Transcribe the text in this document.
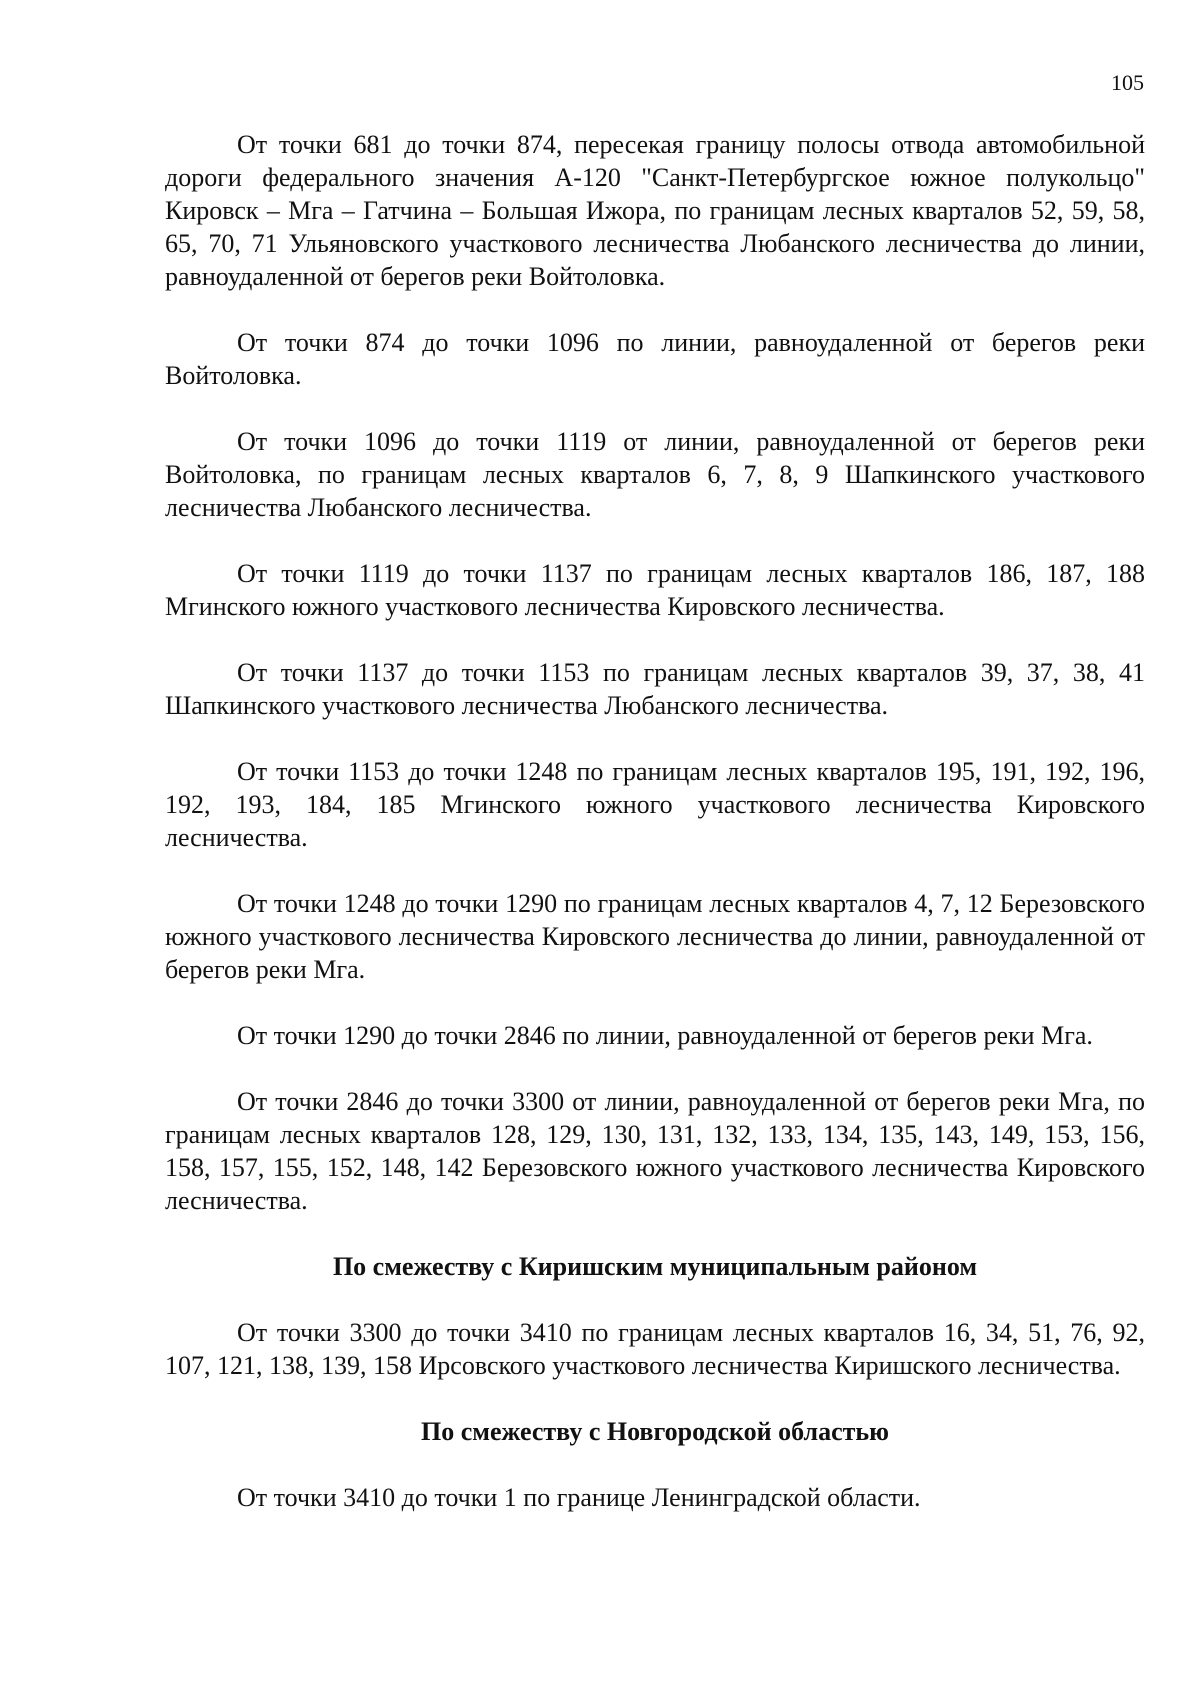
105

От точки 681 до точки 874, пересекая границу полосы отвода автомобильной дороги федерального значения А-120 "Санкт-Петербургское южное полукольцо" Кировск – Мга – Гатчина – Большая Ижора, по границам лесных кварталов 52, 59, 58, 65, 70, 71 Ульяновского участкового лесничества Любанского лесничества до линии, равноудаленной от берегов реки Войтоловка.

От точки 874 до точки 1096 по линии, равноудаленной от берегов реки Войтоловка.

От точки 1096 до точки 1119 от линии, равноудаленной от берегов реки Войтоловка, по границам лесных кварталов 6, 7, 8, 9 Шапкинского участкового лесничества Любанского лесничества.

От точки 1119 до точки 1137 по границам лесных кварталов 186, 187, 188 Мгинского южного участкового лесничества Кировского лесничества.

От точки 1137 до точки 1153 по границам лесных кварталов 39, 37, 38, 41 Шапкинского участкового лесничества Любанского лесничества.

От точки 1153 до точки 1248 по границам лесных кварталов 195, 191, 192, 196, 192, 193, 184, 185 Мгинского южного участкового лесничества Кировского лесничества.

От точки 1248 до точки 1290 по границам лесных кварталов 4, 7, 12 Березовского южного участкового лесничества Кировского лесничества до линии, равноудаленной от берегов реки Мга.

От точки 1290 до точки 2846 по линии, равноудаленной от берегов реки Мга.

От точки 2846 до точки 3300 от линии, равноудаленной от берегов реки Мга, по границам лесных кварталов 128, 129, 130, 131, 132, 133, 134, 135, 143, 149, 153, 156, 158, 157, 155, 152, 148, 142 Березовского южного участкового лесничества Кировского лесничества.

По смежеству с Киришским муниципальным районом

От точки 3300 до точки 3410 по границам лесных кварталов 16, 34, 51, 76, 92, 107, 121, 138, 139, 158 Ирсовского участкового лесничества Киришского лесничества.

По смежеству с Новгородской областью

От точки 3410 до точки 1 по границе Ленинградской области.
